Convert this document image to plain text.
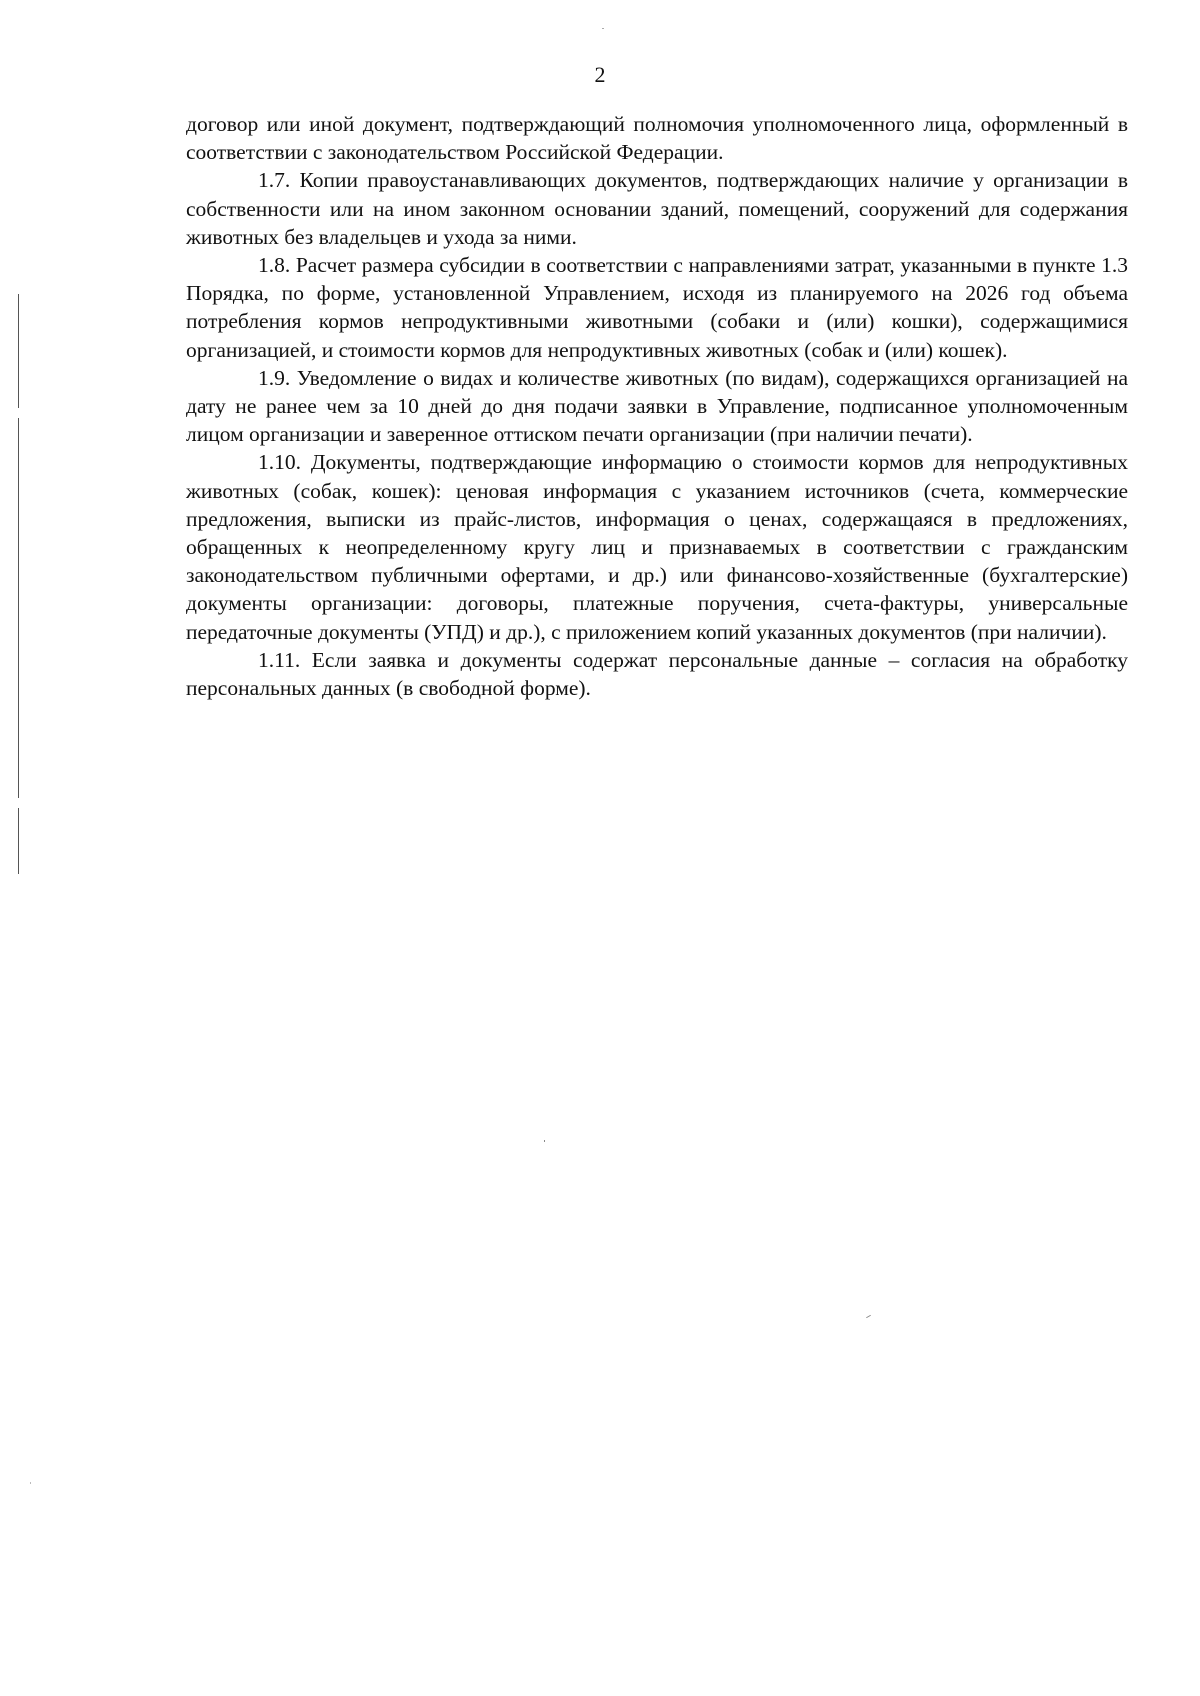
2

договор или иной документ, подтверждающий полномочия уполномоченного лица, оформленный в соответствии с законодательством Российской Федерации.

1.7. Копии правоустанавливающих документов, подтверждающих наличие у организации в собственности или на ином законном основании зданий, помещений, сооружений для содержания животных без владельцев и ухода за ними.

1.8. Расчет размера субсидии в соответствии с направлениями затрат, указанными в пункте 1.3 Порядка, по форме, установленной Управлением, исходя из планируемого на 2026 год объема потребления кормов непродуктивными животными (собаки и (или) кошки), содержащимися организацией, и стоимости кормов для непродуктивных животных (собак и (или) кошек).

1.9. Уведомление о видах и количестве животных (по видам), содержащихся организацией на дату не ранее чем за 10 дней до дня подачи заявки в Управление, подписанное уполномоченным лицом организации и заверенное оттиском печати организации (при наличии печати).

1.10. Документы, подтверждающие информацию о стоимости кормов для непродуктивных животных (собак, кошек): ценовая информация с указанием источников (счета, коммерческие предложения, выписки из прайс-листов, информация о ценах, содержащаяся в предложениях, обращенных к неопределенному кругу лиц и признаваемых в соответствии с гражданским законодательством публичными офертами, и др.) или финансово-хозяйственные (бухгалтерские) документы организации: договоры, платежные поручения, счета-фактуры, универсальные передаточные документы (УПД) и др.), с приложением копий указанных документов (при наличии).

1.11. Если заявка и документы содержат персональные данные – согласия на обработку персональных данных (в свободной форме).
